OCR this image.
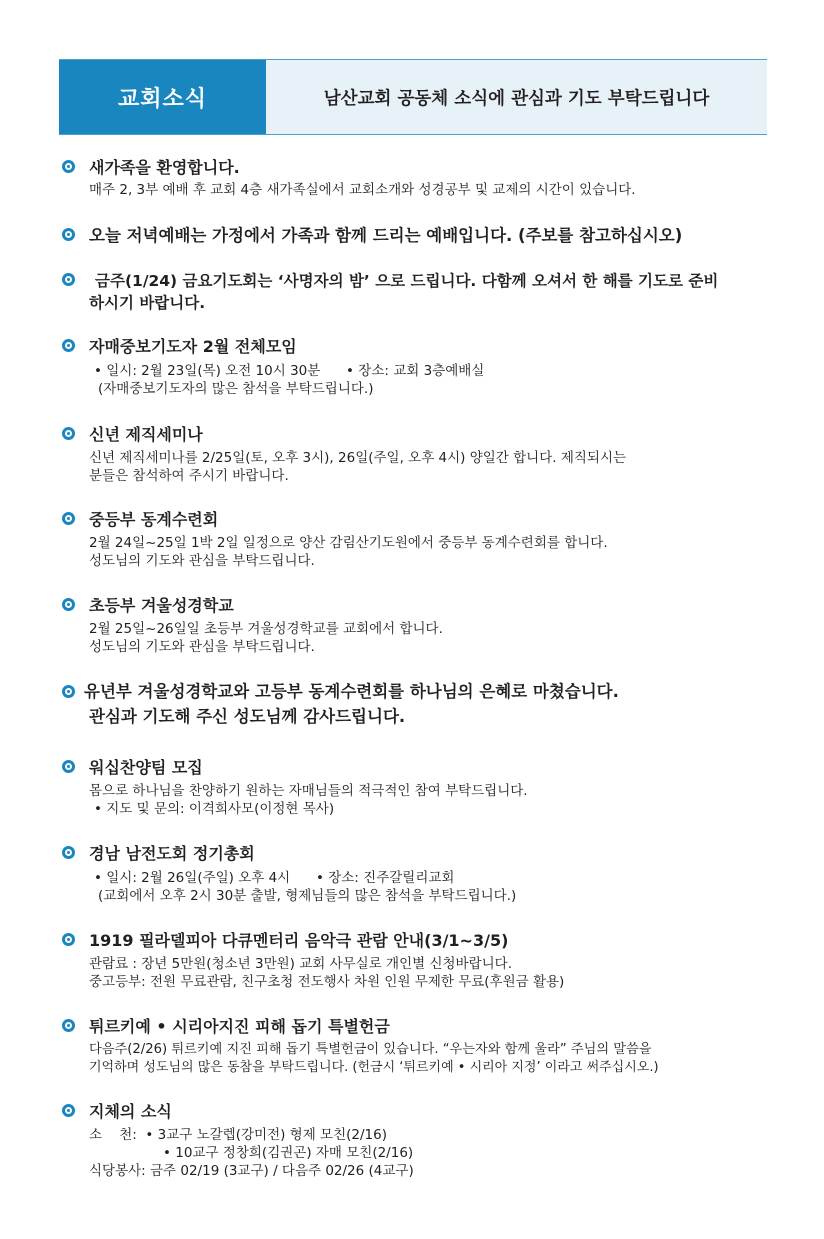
교회소식	남산교회 공동체 소식에 관심과 기도 부탁드립니다
새가족을 환영합니다.
매주 2, 3부 예배 후 교회 4층 새가족실에서 교회소개와 성경공부 및 교제의 시간이 있습니다.
오늘 저녁예배는 가정에서 가족과 함께 드리는 예배입니다. (주보를 참고하십시오)
금주(1/24) 금요기도회는 ‘사명자의 밤’ 으로 드립니다. 다함께 오셔서 한 해를 기도로 준비
하시기 바랍니다.
자매중보기도자 2월 전체모임
• 일시: 2월 23일(목) 오전 10시 30분      • 장소: 교회 3층예배실
(자매중보기도자의 많은 참석을 부탁드립니다.)
신년 제직세미나
신년 제직세미나를 2/25일(토, 오후 3시), 26일(주일, 오후 4시) 양일간 합니다. 제직되시는
분들은 참석하여 주시기 바랍니다.
중등부 동계수련회
2월 24일~25일 1박 2일 일정으로 양산 감림산기도원에서 중등부 동계수련회를 합니다.
성도님의 기도와 관심을 부탁드립니다.
초등부 겨울성경학교
2월 25일~26일일 초등부 겨울성경학교를 교회에서 합니다.
성도님의 기도와 관심을 부탁드립니다.
유년부 겨울성경학교와 고등부 동계수련회를 하나님의 은혜로 마쳤습니다.
관심과 기도해 주신 성도님께 감사드립니다.
워십찬양팀 모집
몸으로 하나님을 찬양하기 원하는 자매님들의 적극적인 참여 부탁드립니다.
• 지도 및 문의: 이격희사모(이정현 목사)
경남 남전도회 정기총회
• 일시: 2월 26일(주일) 오후 4시      • 장소: 진주갈릴리교회
(교회에서 오후 2시 30분 출발, 형제님들의 많은 참석을 부탁드립니다.)
1919 필라델피아 다큐멘터리 음악극 관람 안내(3/1~3/5)
관람료 : 장년 5만원(청소년 3만원) 교회 사무실로 개인별 신청바랍니다.
중고등부: 전원 무료관람, 친구초청 전도행사 차원 인원 무제한 무료(후원금 활용)
튀르키예 • 시리아지진 피해 돕기 특별헌금
다음주(2/26) 튀르키예 지진 피해 돕기 특별헌금이 있습니다. “우는자와 함께 울라” 주님의 말씀을
기억하며 성도님의 많은 동참을 부탁드립니다. (헌금시 ‘튀르키예 • 시리아 지정’ 이라고 써주십시오.)
지체의 소식
소    천:  • 3교구 노갈렙(강미전) 형제 모친(2/16)
• 10교구 정창희(김권곤) 자매 모친(2/16)
식당봉사: 금주 02/19 (3교구) / 다음주 02/26 (4교구)
